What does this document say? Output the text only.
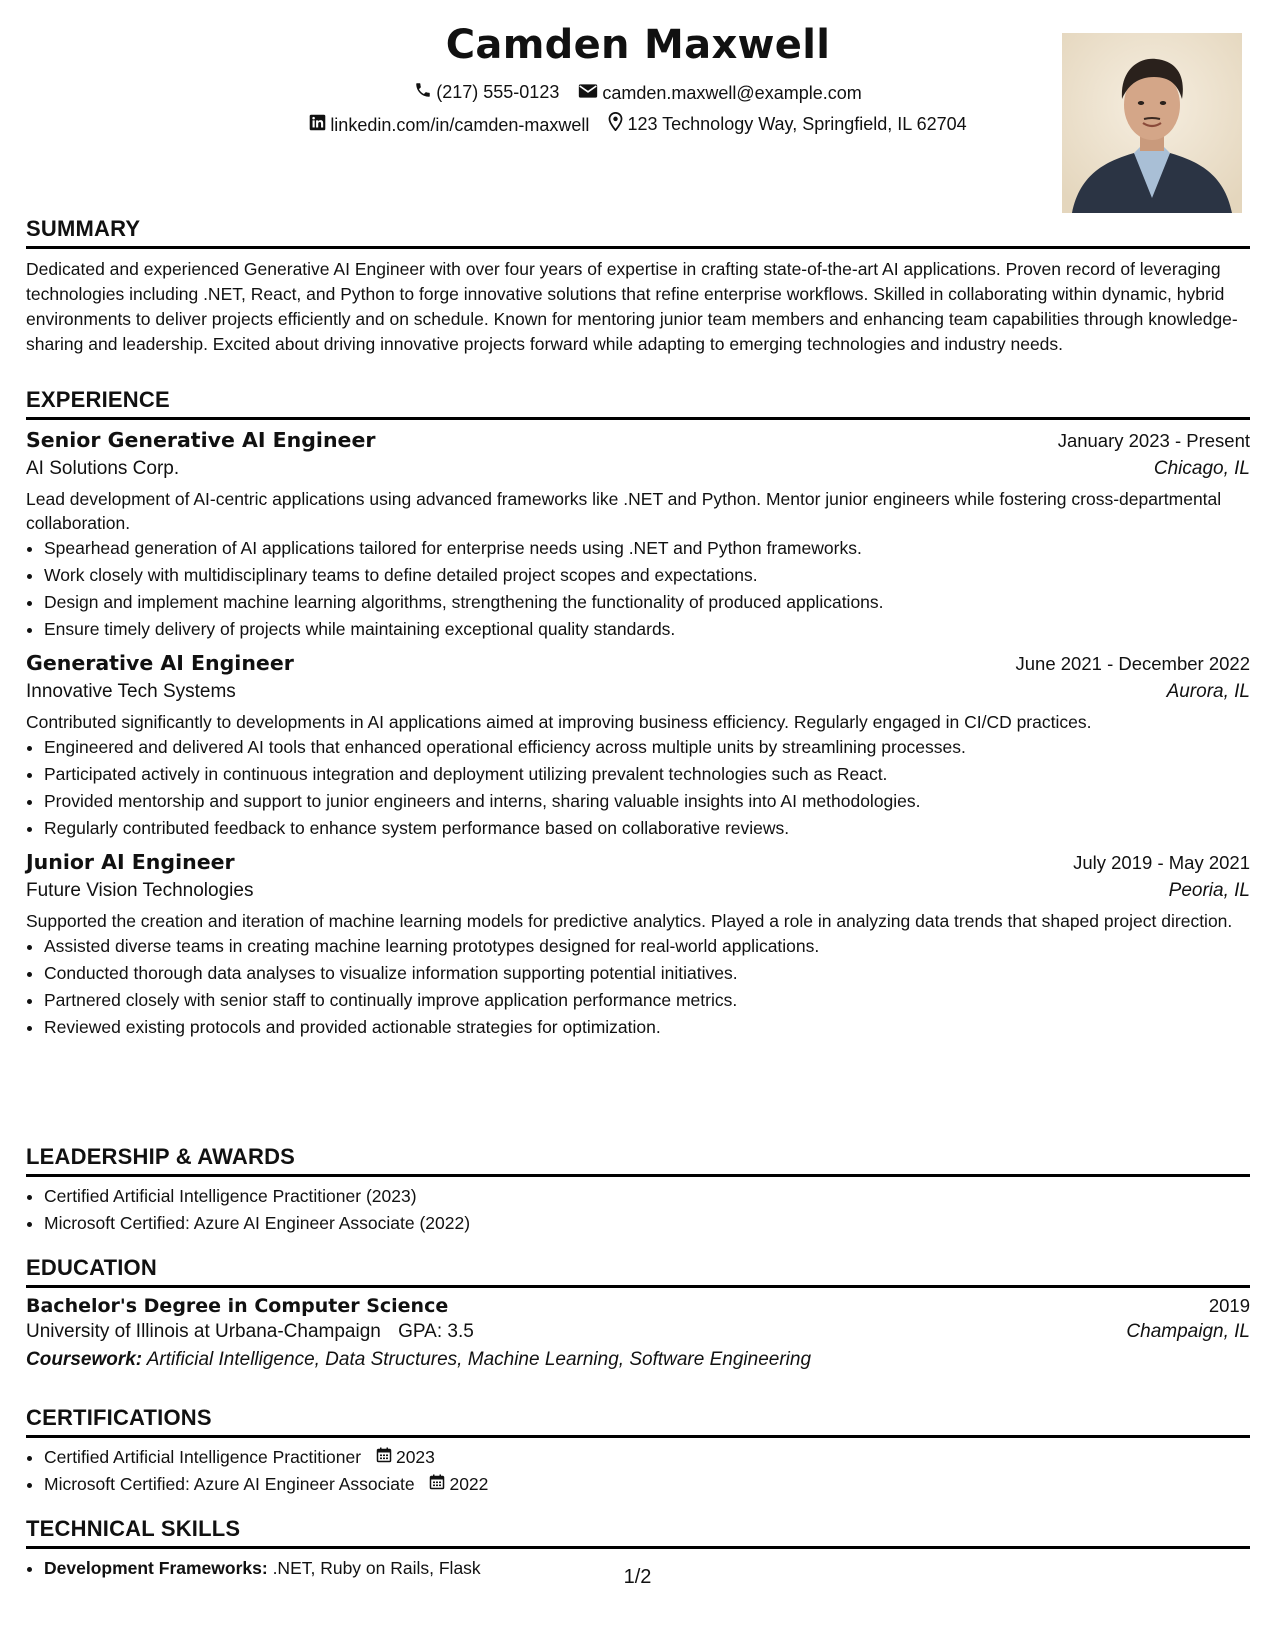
Camden Maxwell
(217) 555-0123
camden.maxwell@example.com
linkedin.com/in/camden-maxwell
123 Technology Way, Springfield, IL 62704
SUMMARY
Dedicated and experienced Generative AI Engineer with over four years of expertise in crafting state-of-the-art AI applications. Proven record of leveraging technologies including .NET, React, and Python to forge innovative solutions that refine enterprise workflows. Skilled in collaborating within dynamic, hybrid environments to deliver projects efficiently and on schedule. Known for mentoring junior team members and enhancing team capabilities through knowledge-sharing and leadership. Excited about driving innovative projects forward while adapting to emerging technologies and industry needs.
EXPERIENCE
Senior Generative AI Engineer	January 2023 - Present
AI Solutions Corp.	Chicago, IL
Lead development of AI-centric applications using advanced frameworks like .NET and Python. Mentor junior engineers while fostering cross-departmental collaboration.
• Spearhead generation of AI applications tailored for enterprise needs using .NET and Python frameworks.
• Work closely with multidisciplinary teams to define detailed project scopes and expectations.
• Design and implement machine learning algorithms, strengthening the functionality of produced applications.
• Ensure timely delivery of projects while maintaining exceptional quality standards.
Generative AI Engineer	June 2021 - December 2022
Innovative Tech Systems	Aurora, IL
Contributed significantly to developments in AI applications aimed at improving business efficiency. Regularly engaged in CI/CD practices.
• Engineered and delivered AI tools that enhanced operational efficiency across multiple units by streamlining processes.
• Participated actively in continuous integration and deployment utilizing prevalent technologies such as React.
• Provided mentorship and support to junior engineers and interns, sharing valuable insights into AI methodologies.
• Regularly contributed feedback to enhance system performance based on collaborative reviews.
Junior AI Engineer	July 2019 - May 2021
Future Vision Technologies	Peoria, IL
Supported the creation and iteration of machine learning models for predictive analytics. Played a role in analyzing data trends that shaped project direction.
• Assisted diverse teams in creating machine learning prototypes designed for real-world applications.
• Conducted thorough data analyses to visualize information supporting potential initiatives.
• Partnered closely with senior staff to continually improve application performance metrics.
• Reviewed existing protocols and provided actionable strategies for optimization.
LEADERSHIP & AWARDS
• Certified Artificial Intelligence Practitioner (2023)
• Microsoft Certified: Azure AI Engineer Associate (2022)
EDUCATION
Bachelor's Degree in Computer Science	2019
University of Illinois at Urbana-Champaign GPA: 3.5	Champaign, IL
Coursework: Artificial Intelligence, Data Structures, Machine Learning, Software Engineering
CERTIFICATIONS
• Certified Artificial Intelligence Practitioner 2023
• Microsoft Certified: Azure AI Engineer Associate 2022
TECHNICAL SKILLS
• Development Frameworks: .NET, Ruby on Rails, Flask	1/2
